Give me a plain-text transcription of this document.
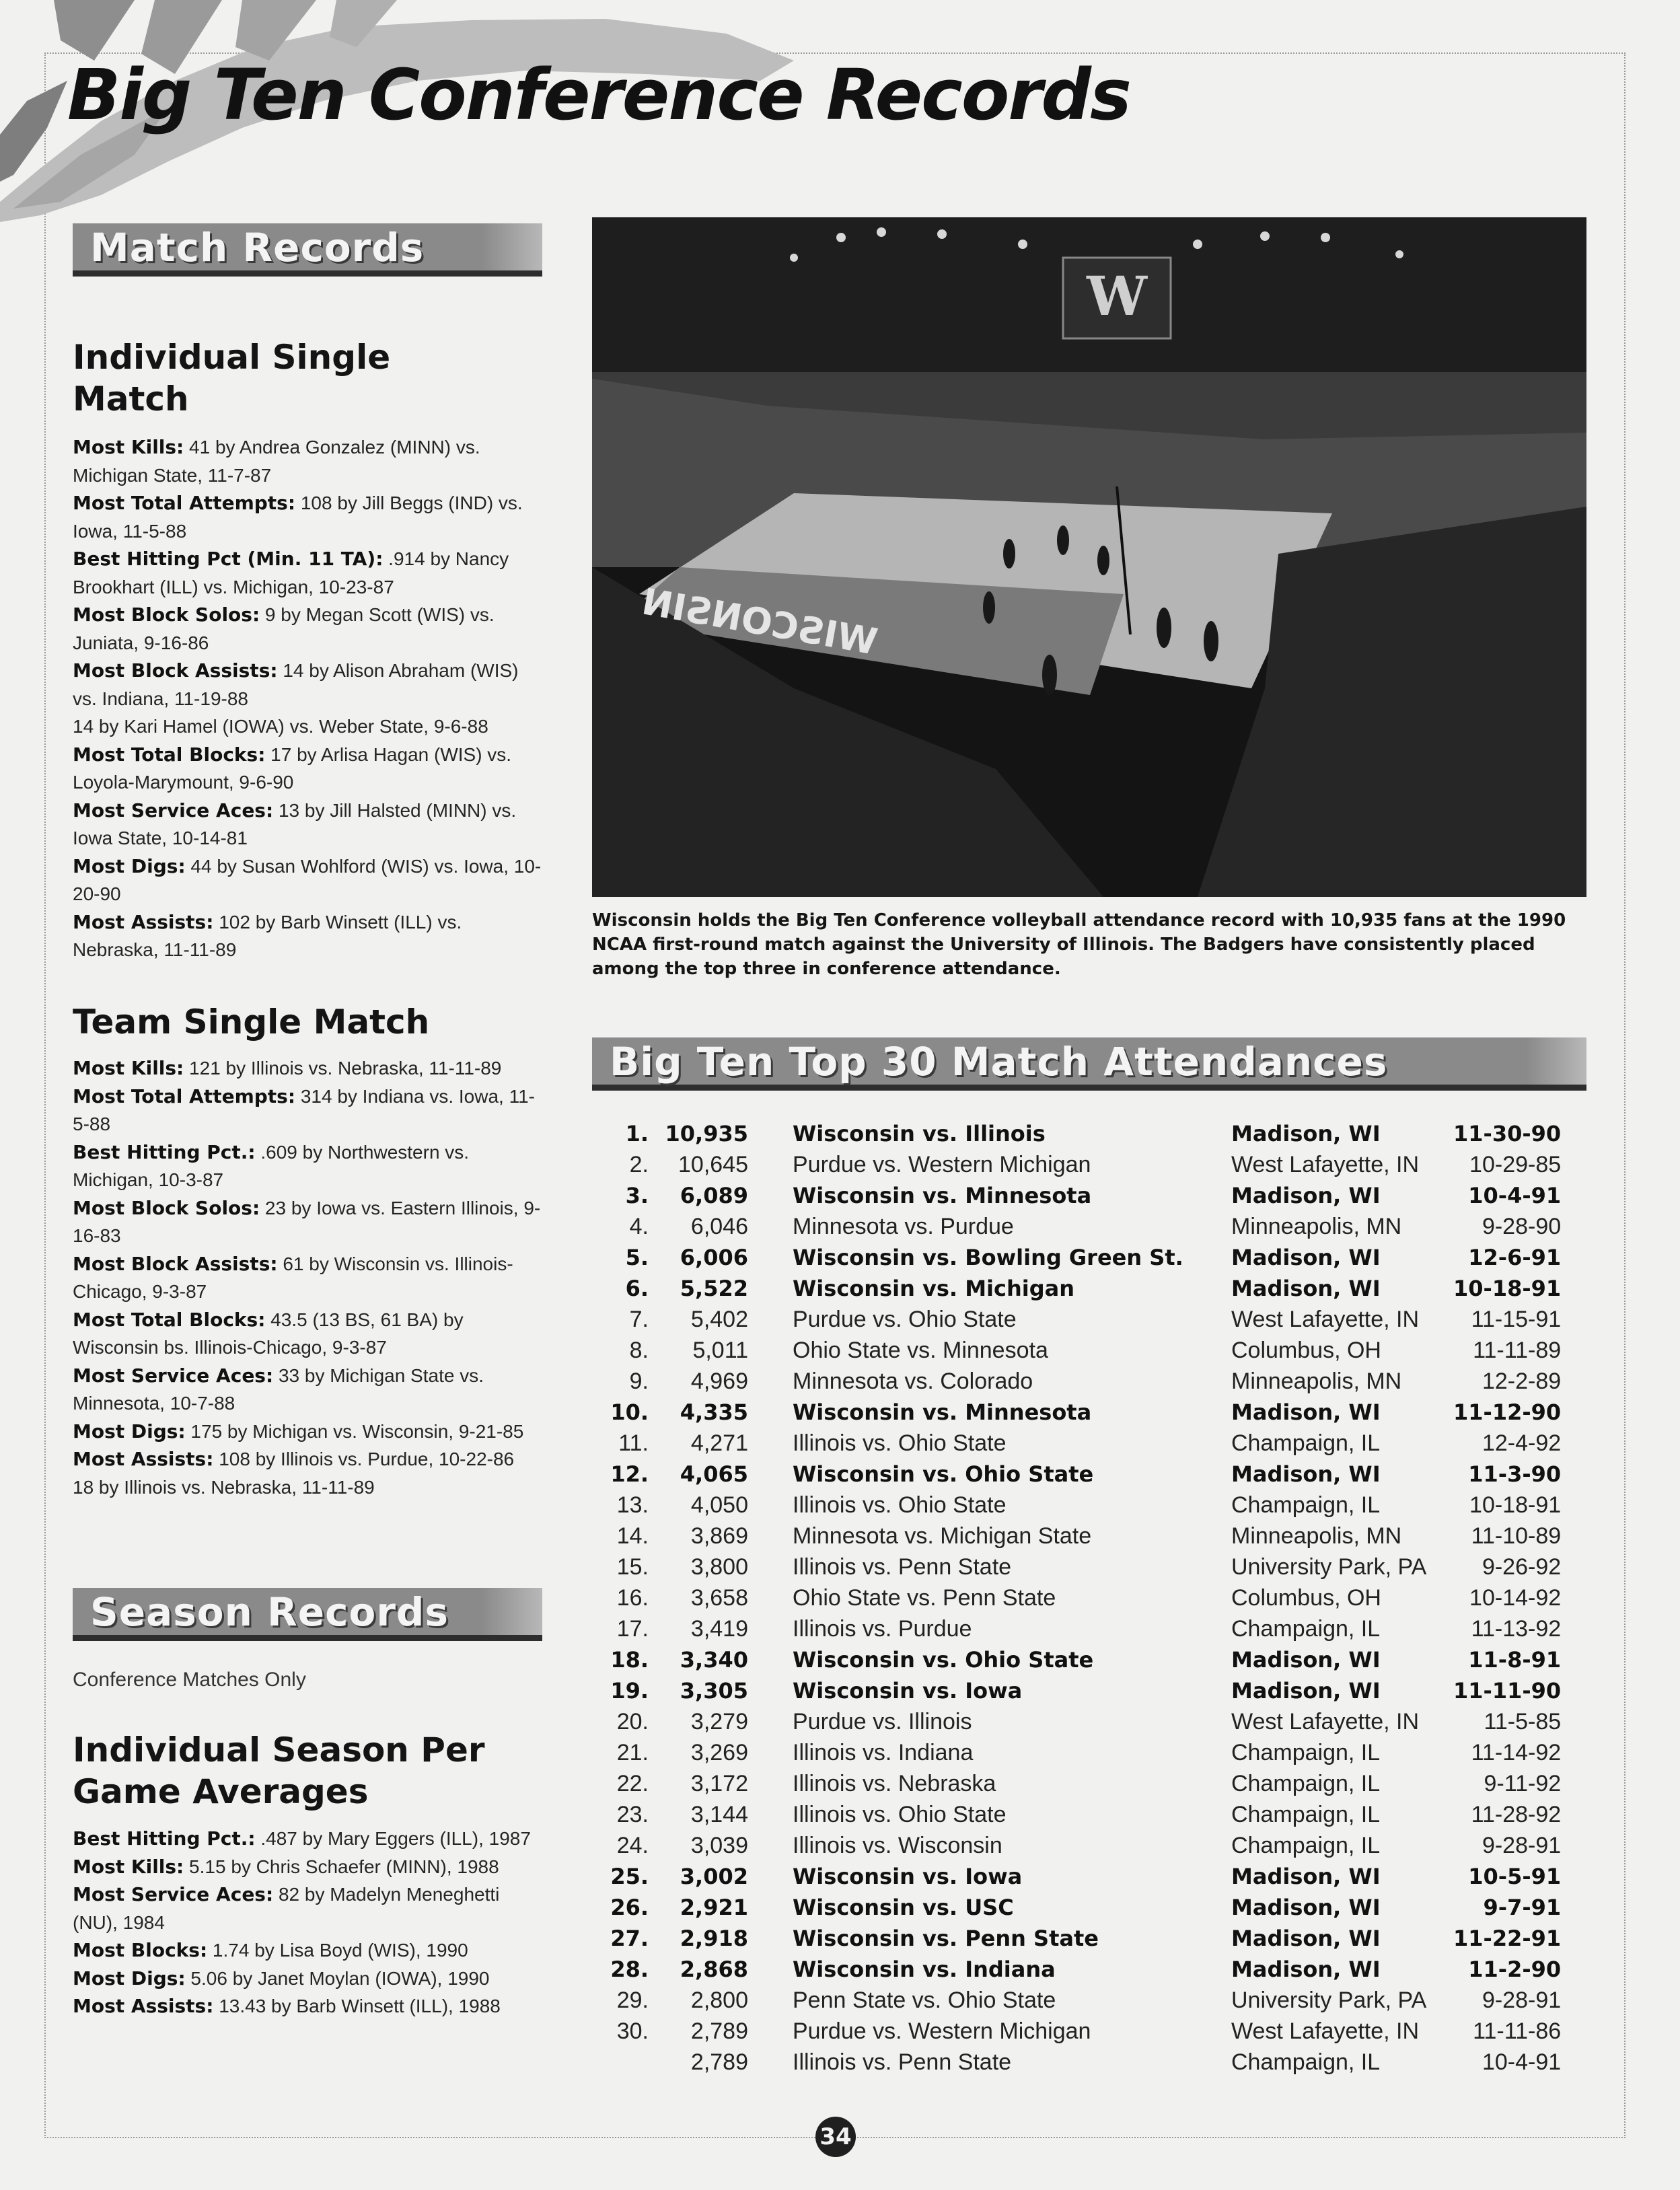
Big Ten Conference Records
Match Records
Individual Single Match
Most Kills: 41 by Andrea Gonzalez (MINN) vs. Michigan State, 11-7-87
Most Total Attempts: 108 by Jill Beggs (IND) vs. Iowa, 11-5-88
Best Hitting Pct (Min. 11 TA): .914 by Nancy Brookhart (ILL) vs. Michigan, 10-23-87
Most Block Solos: 9 by Megan Scott (WIS) vs. Juniata, 9-16-86
Most Block Assists: 14 by Alison Abraham (WIS) vs. Indiana, 11-19-88
14 by Kari Hamel (IOWA) vs. Weber State, 9-6-88
Most Total Blocks: 17 by Arlisa Hagan (WIS) vs. Loyola-Marymount, 9-6-90
Most Service Aces: 13 by Jill Halsted (MINN) vs. Iowa State, 10-14-81
Most Digs: 44 by Susan Wohlford (WIS) vs. Iowa, 10-20-90
Most Assists: 102 by Barb Winsett (ILL) vs. Nebraska, 11-11-89
Team Single Match
Most Kills: 121 by Illinois vs. Nebraska, 11-11-89
Most Total Attempts: 314 by Indiana vs. Iowa, 11-5-88
Best Hitting Pct.: .609 by Northwestern vs. Michigan, 10-3-87
Most Block Solos: 23 by Iowa vs. Eastern Illinois, 9-16-83
Most Block Assists: 61 by Wisconsin vs. Illinois-Chicago, 9-3-87
Most Total Blocks: 43.5 (13 BS, 61 BA) by Wisconsin bs. Illinois-Chicago, 9-3-87
Most Service Aces: 33 by Michigan State vs. Minnesota, 10-7-88
Most Digs: 175 by Michigan vs. Wisconsin, 9-21-85
Most Assists: 108 by Illinois vs. Purdue, 10-22-86
18 by Illinois vs. Nebraska, 11-11-89
Season Records
Conference Matches Only
Individual Season Per Game Averages
Best Hitting Pct.: .487 by Mary Eggers (ILL), 1987
Most Kills: 5.15 by Chris Schaefer (MINN), 1988
Most Service Aces: 82 by Madelyn Meneghetti (NU), 1984
Most Blocks: 1.74 by Lisa Boyd (WIS), 1990
Most Digs: 5.06 by Janet Moylan (IOWA), 1990
Most Assists: 13.43 by Barb Winsett (ILL), 1988
W
WISCONSIN

Wisconsin holds the Big Ten Conference volleyball attendance record with 10,935 fans at the 1990 NCAA first-round match against the University of Illinois. The Badgers have consistently placed among the top three in conference attendance.

Big Ten Top 30 Match Attendances
1.	10,935	Wisconsin vs. Illinois	Madison, WI	11-30-90
2.	10,645	Purdue vs. Western Michigan	West Lafayette, IN	10-29-85
3.	6,089	Wisconsin vs. Minnesota	Madison, WI	10-4-91
4.	6,046	Minnesota vs. Purdue	Minneapolis, MN	9-28-90
5.	6,006	Wisconsin vs. Bowling Green St.	Madison, WI	12-6-91
6.	5,522	Wisconsin vs. Michigan	Madison, WI	10-18-91
7.	5,402	Purdue vs. Ohio State	West Lafayette, IN	11-15-91
8.	5,011	Ohio State vs. Minnesota	Columbus, OH	11-11-89
9.	4,969	Minnesota vs. Colorado	Minneapolis, MN	12-2-89
10.	4,335	Wisconsin vs. Minnesota	Madison, WI	11-12-90
11.	4,271	Illinois vs. Ohio State	Champaign, IL	12-4-92
12.	4,065	Wisconsin vs. Ohio State	Madison, WI	11-3-90
13.	4,050	Illinois vs. Ohio State	Champaign, IL	10-18-91
14.	3,869	Minnesota vs. Michigan State	Minneapolis, MN	11-10-89
15.	3,800	Illinois vs. Penn State	University Park, PA	9-26-92
16.	3,658	Ohio State vs. Penn State	Columbus, OH	10-14-92
17.	3,419	Illinois vs. Purdue	Champaign, IL	11-13-92
18.	3,340	Wisconsin vs. Ohio State	Madison, WI	11-8-91
19.	3,305	Wisconsin vs. Iowa	Madison, WI	11-11-90
20.	3,279	Purdue vs. Illinois	West Lafayette, IN	11-5-85
21.	3,269	Illinois vs. Indiana	Champaign, IL	11-14-92
22.	3,172	Illinois vs. Nebraska	Champaign, IL	9-11-92
23.	3,144	Illinois vs. Ohio State	Champaign, IL	11-28-92
24.	3,039	Illinois vs. Wisconsin	Champaign, IL	9-28-91
25.	3,002	Wisconsin vs. Iowa	Madison, WI	10-5-91
26.	2,921	Wisconsin vs. USC	Madison, WI	9-7-91
27.	2,918	Wisconsin vs. Penn State	Madison, WI	11-22-91
28.	2,868	Wisconsin vs. Indiana	Madison, WI	11-2-90
29.	2,800	Penn State vs. Ohio State	University Park, PA	9-28-91
30.	2,789	Purdue vs. Western Michigan	West Lafayette, IN	11-11-86
	2,789	Illinois vs. Penn State	Champaign, IL	10-4-91
34
